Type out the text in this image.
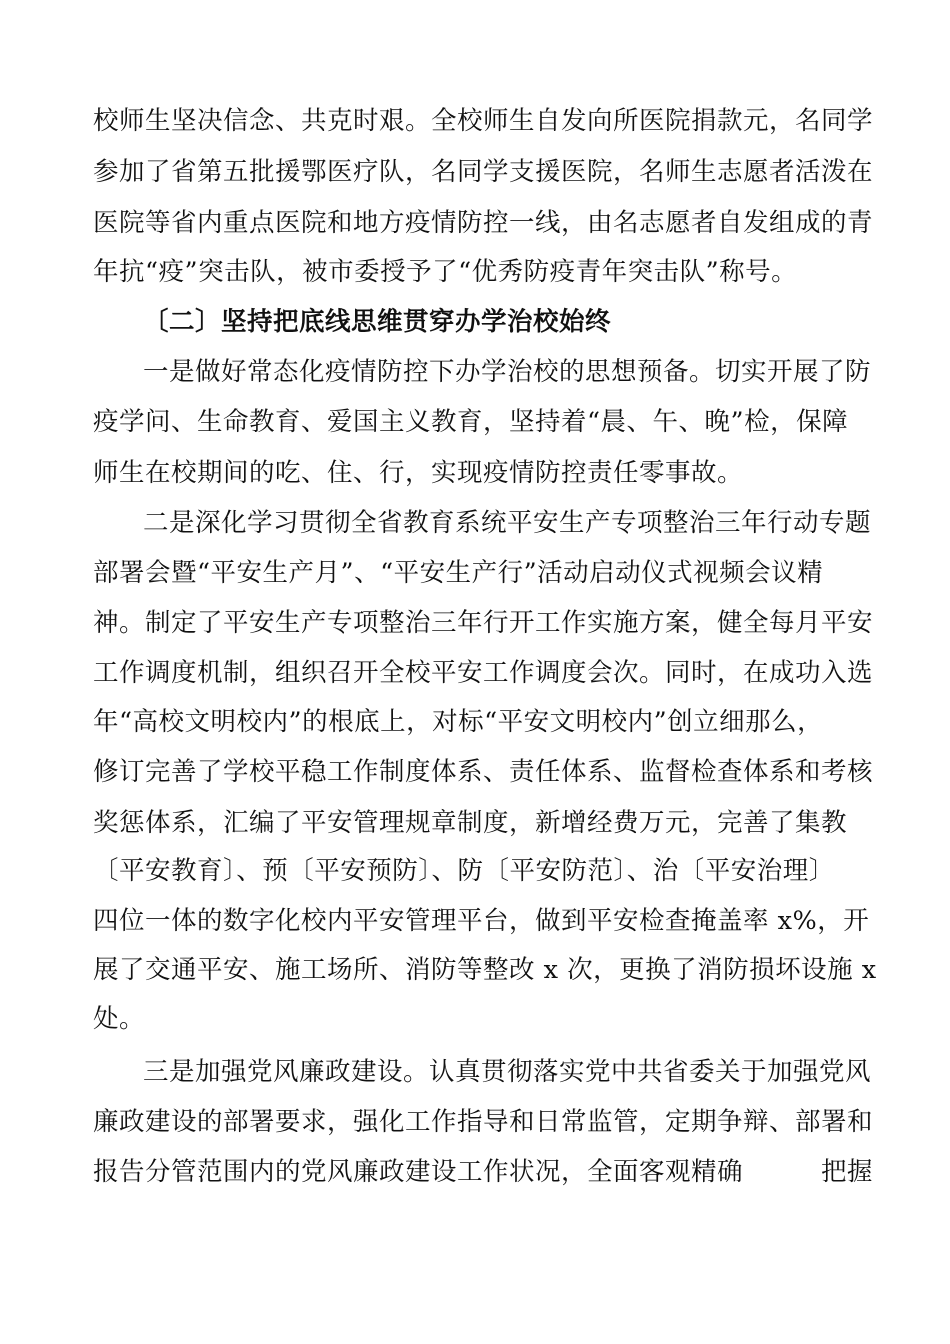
校师生坚决信念、共克时艰。全校师生自发向所医院捐款元，名同学
参加了省第五批援鄂医疗队，名同学支援医院，名师生志愿者活泼在
医院等省内重点医院和地方疫情防控一线，由名志愿者自发组成的青
年抗“疫”突击队，被市委授予了“优秀防疫青年突击队”称号。
〔二〕坚持把底线思维贯穿办学治校始终
一是做好常态化疫情防控下办学治校的思想预备。切实开展了防
疫学问、生命教育、爱国主义教育，坚持着“晨、午、晚”检，保障
师生在校期间的吃、住、行，实现疫情防控责任零事故。
二是深化学习贯彻全省教育系统平安生产专项整治三年行动专题
部署会暨“平安生产月”、“平安生产行”活动启动仪式视频会议精
神。制定了平安生产专项整治三年行开工作实施方案，健全每月平安
工作调度机制，组织召开全校平安工作调度会次。同时，在成功入选
年“高校文明校内”的根底上，对标“平安文明校内”创立细那么，
修订完善了学校平稳工作制度体系、责任体系、监督检查体系和考核
奖惩体系，汇编了平安管理规章制度，新增经费万元，完善了集教
〔平安教育〕、预〔平安预防〕、防〔平安防范〕、治〔平安治理〕
四位一体的数字化校内平安管理平台，做到平安检查掩盖率 x%，开
展了交通平安、施工场所、消防等整改 x 次，更换了消防损坏设施 x
处。
三是加强党风廉政建设。认真贯彻落实党中共省委关于加强党风
廉政建设的部署要求，强化工作指导和日常监管，定期争辩、部署和
报告分管范围内的党风廉政建设工作状况，全面客观精确　　　把握
